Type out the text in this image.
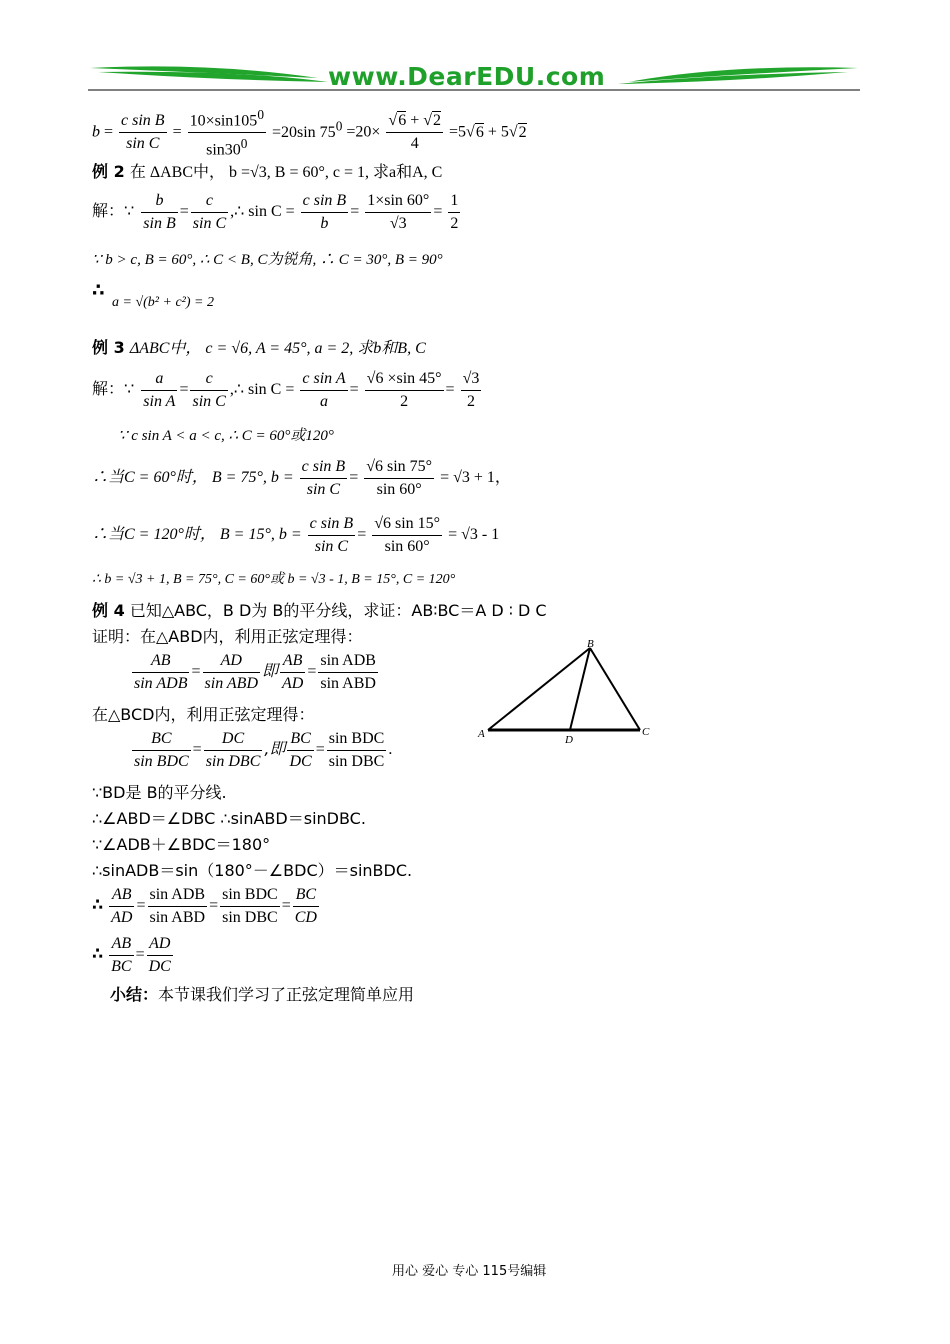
www.DearEDU.com
$b = \frac{\text{c sin B}}{\text{sin C}} = \frac{10\times\sin 105^0}{\sin 30^0} =20\sin$ $75^0 =20\times \frac{√6 + √2}{4} =5√6 + 5√2$
例 2 在 ΔABC中， b =√3, B = 60°, c = 1, 求a和A, C
解：∵ $\frac{b}{\text{sin B}} = \frac{c}{\text{sin C}}$ ,∴ $\sin C = \frac{\text{c sin B}}{b} = \frac{1\times\sin 60^\circ}{√3} = \frac{1}{2}$
∵ b > c, B = 60°, ∴ C < B, C为锐角, ∴ C = 30°, B = 90°
∴
a = √(b² + c²) = 2
例 3 ΔABC中， c = √6, A = 45°, a = 2, 求b和B, C
解：∵ $\frac{a}{\text{sin A}} = \frac{c}{\text{sin C}}$ ,∴ $\sin C = \frac{\text{c sin A}}{a} = \frac{√6 \times\sin 45^\circ}{2} = \frac{√3}{2}$
∵ c sin A < a < c, ∴ C = 60°或120°
∴当C = 60°时， B = 75°, $b = \frac{\text{c sin B}}{\text{sin C}} = \frac{√6 \sin 75^\circ}{\sin 60^\circ} = √3 + 1$，
∴当C = 120°时， B = 15°, $b = \frac{\text{c sin B}}{\text{sin C}} = \frac{√6 \sin 15^\circ}{\sin 60^\circ} = √3 - 1$
∴ b = √3 + 1, B = 75°, C = 60°或 b = √3 - 1, B = 15°, C = 120°
例 4 已知△ABC，B D为 B的平分线，求证：AB∶BC＝A D ∶ D C
证明：在△ABD内，利用正弦定理得：
$\frac{AB}{\text{sin ADB}} = \frac{AD}{\text{sin ABD}}$ 即 $\frac{AB}{AD} = \frac{\text{sin ADB}}{\text{sin ABD}}$
在△BCD内，利用正弦定理得：
$\frac{BC}{\text{sin BDC}} = \frac{DC}{\text{sin DBC}}$ ,即 $\frac{BC}{DC} = \frac{\text{sin BDC}}{\text{sin DBC}}$ .
∵BD是 B的平分线.
∴∠ABD＝∠DBC ∴sinABD＝sinDBC.
∵∠ADB＋∠BDC＝180°
∴sinADB＝sin（180°－∠BDC）＝sinBDC.
∴ $\frac{AB}{AD} = \frac{\text{sin ADB}}{\text{sin ABD}} = \frac{\text{sin BDC}}{\text{sin DBC}} = \frac{BC}{CD}$
∴ $\frac{AB}{BC} = \frac{AD}{DC}$
小结：本节课我们学习了正弦定理简单应用
A
B
C
D
用心 爱心 专心 115号编辑
